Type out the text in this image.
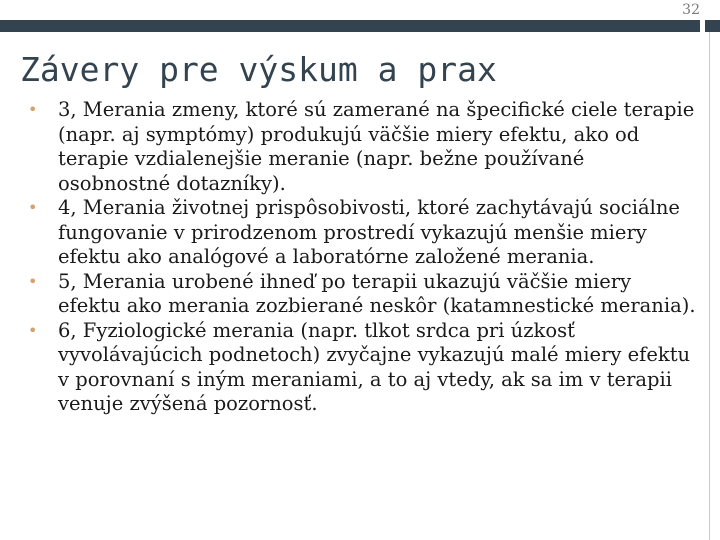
32
Závery pre výskum a prax
• 3, Merania zmeny, ktoré sú zamerané na špecifické ciele terapie (napr. aj symptómy) produkujú väčšie miery efektu, ako od terapie vzdialenejšie meranie (napr. bežne používané osobnostné dotazníky).
• 4, Merania životnej prispôsobivosti, ktoré zachytávajú sociálne fungovanie v prirodzenom prostredí vykazujú menšie miery efektu ako analógové a laboratórne založené merania.
• 5, Merania urobené ihneď po terapii ukazujú väčšie miery efektu ako merania zozbierané neskôr (katamnestické merania).
• 6, Fyziologické merania (napr. tlkot srdca pri úzkosť vyvolávajúcich podnetoch) zvyčajne vykazujú malé miery efektu v porovnaní s iným meraniami, a to aj vtedy, ak sa im v terapii venuje zvýšená pozornosť.
